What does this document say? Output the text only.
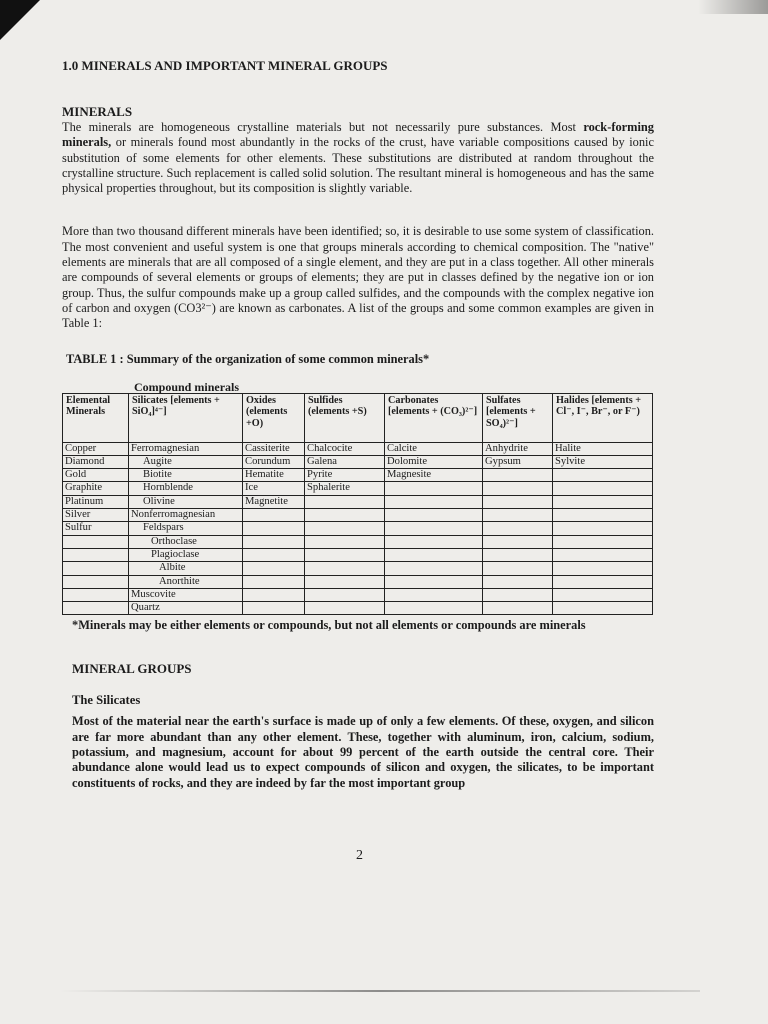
1.0 MINERALS AND IMPORTANT MINERAL GROUPS
MINERALS

The minerals are homogeneous crystalline materials but not necessarily pure substances. Most rock-forming minerals, or minerals found most abundantly in the rocks of the crust, have variable compositions caused by ionic substitution of some elements for other elements. These substitutions are distributed at random throughout the crystalline structure. Such replacement is called solid solution. The resultant mineral is homogeneous and has the same physical properties throughout, but its composition is slightly variable.

More than two thousand different minerals have been identified; so, it is desirable to use some system of classification. The most convenient and useful system is one that groups minerals according to chemical composition. The "native" elements are minerals that are all composed of a single element, and they are put in a class together. All other minerals are compounds of several elements or groups of elements; they are put in classes defined by the negative ion or ion group. Thus, the sulfur compounds make up a group called sulfides, and the compounds with the complex negative ion of carbon and oxygen (CO3²⁻) are known as carbonates. A list of the groups and some common examples are given in Table 1:

TABLE 1 : Summary of the organization of some common minerals*
Compound minerals
Elemental Minerals	Silicates [elements + SiO₄]⁴⁻]	Oxides (elements +O)	Sulfides (elements +S)	Carbonates [elements + (CO₃)²⁻]	Sulfates [elements + SO₄)²⁻]	Halides [elements + Cl⁻, I⁻, Br⁻, or F⁻)
Copper	Ferromagnesian	Cassiterite	Chalcocite	Calcite	Anhydrite	Halite
Diamond	Augite	Corundum	Galena	Dolomite	Gypsum	Sylvite
Gold	Biotite	Hematite	Pyrite	Magnesite		
Graphite	Hornblende	Ice	Sphalerite			
Platinum	Olivine	Magnetite				
Silver	Nonferromagnesian					
Sulfur	Feldspars					
	Orthoclase					
	Plagioclase					
	Albite					
	Anorthite					
	Muscovite					
	Quartz					
*Minerals may be either elements or compounds, but not all elements or compounds are minerals
MINERAL GROUPS
The Silicates

Most of the material near the earth's surface is made up of only a few elements. Of these, oxygen, and silicon are far more abundant than any other element. These, together with aluminum, iron, calcium, sodium, potassium, and magnesium, account for about 99 percent of the earth outside the central core. Their abundance alone would lead us to expect compounds of silicon and oxygen, the silicates, to be important constituents of rocks, and they are indeed by far the most important group

2
